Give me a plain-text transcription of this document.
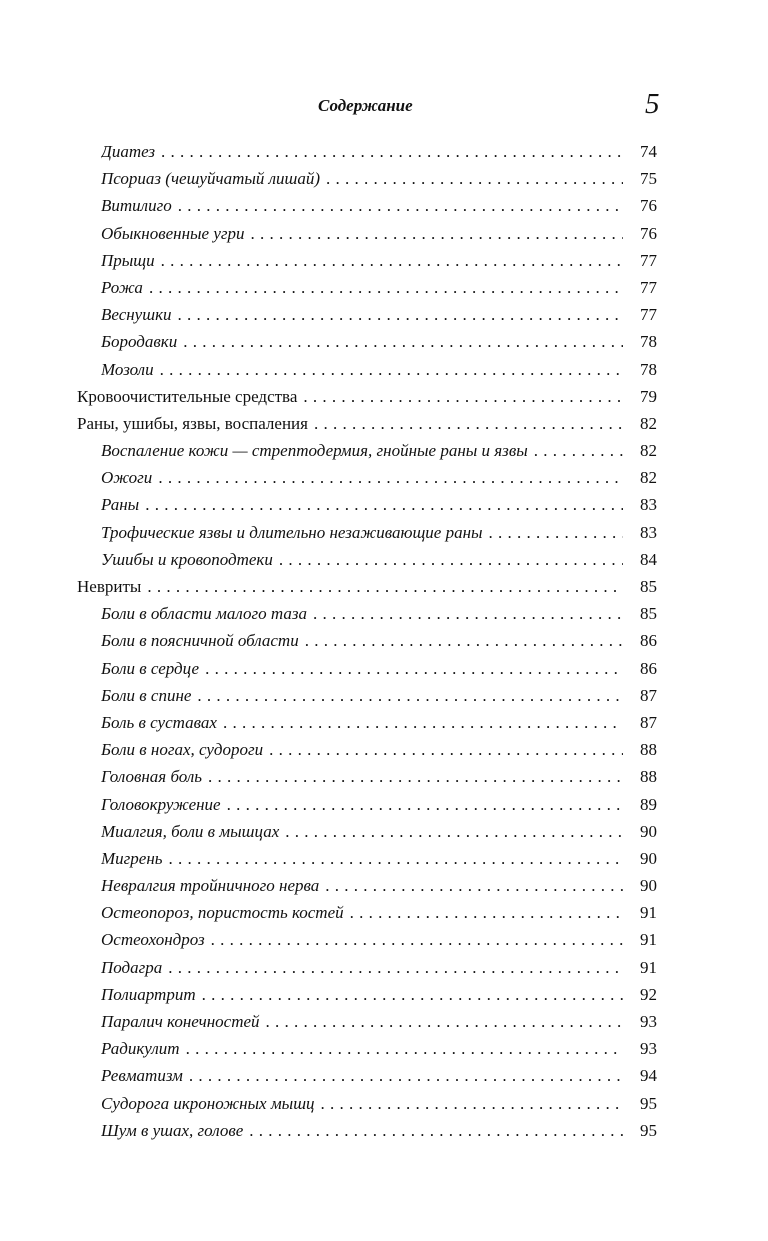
Содержание	5
Диатез . . .	74
Псориаз (чешуйчатый лишай) . . .	75
Витилиго . . .	76
Обыкновенные угри . . .	76
Прыщи . . .	77
Рожа . . .	77
Веснушки . . .	77
Бородавки . . .	78
Мозоли . . .	78
Кровоочистительные средства . . .	79
Раны, ушибы, язвы, воспаления . . .	82
Воспаление кожи — стрептодермия, гнойные раны и язвы . . .	82
Ожоги . . .	82
Раны . . .	83
Трофические язвы и длительно незаживающие раны . . .	83
Ушибы и кровоподтеки . . .	84
Невриты . . .	85
Боли в области малого таза . . .	85
Боли в поясничной области . . .	86
Боли в сердце . . .	86
Боли в спине . . .	87
Боль в суставах . . .	87
Боли в ногах, судороги . . .	88
Головная боль . . .	88
Головокружение . . .	89
Миалгия, боли в мышцах . . .	90
Мигрень . . .	90
Невралгия тройничного нерва . . .	90
Остеопороз, пористость костей . . .	91
Остеохондроз . . .	91
Подагра . . .	91
Полиартрит . . .	92
Паралич конечностей . . .	93
Радикулит . . .	93
Ревматизм . . .	94
Судорога икроножных мышц . . .	95
Шум в ушах, голове . . .	95
